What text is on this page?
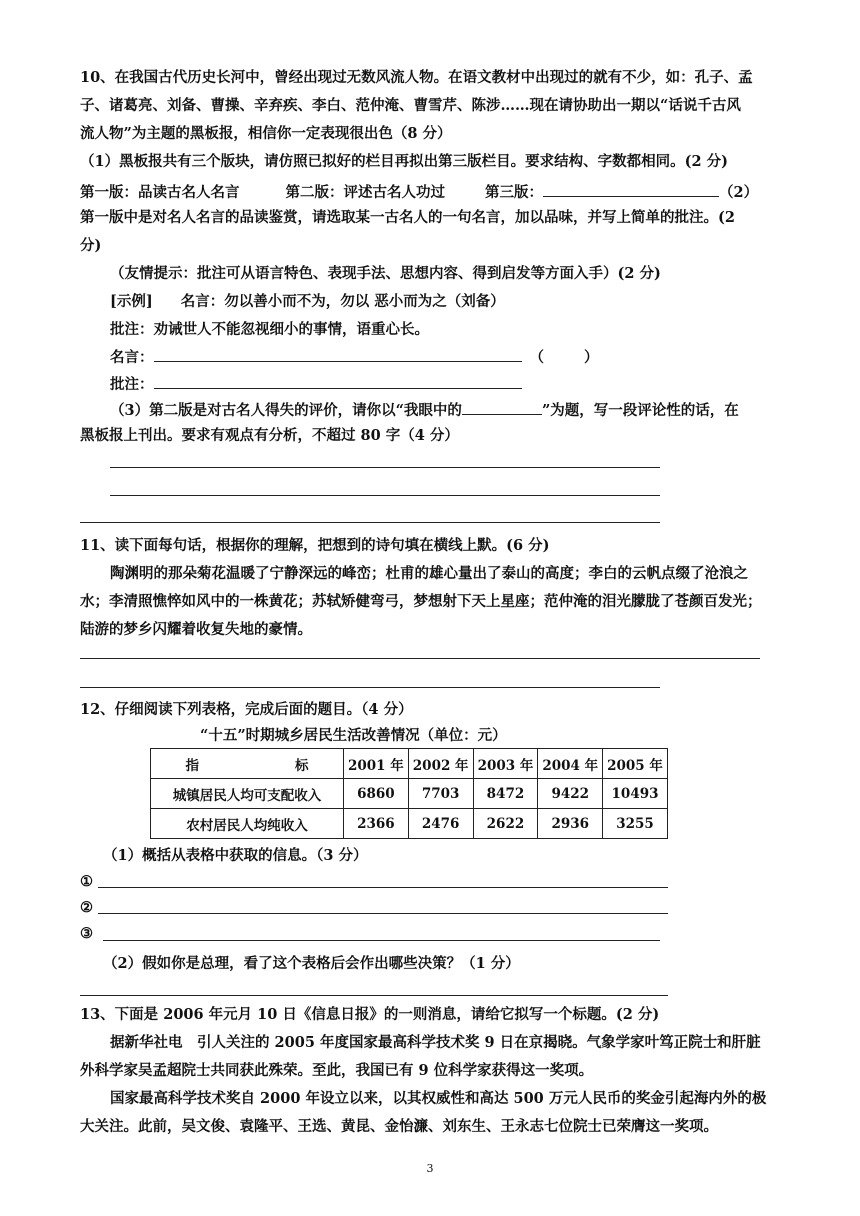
10、在我国古代历史长河中，曾经出现过无数风流人物。在语文教材中出现过的就有不少，如：孔子、孟
子、诸葛亮、刘备、曹操、辛弃疾、李白、范仲淹、曹雪芹、陈涉……现在请协助出一期以“话说千古风
流人物”为主题的黑板报，相信你一定表现很出色（8 分）
（1）黑板报共有三个版块，请仿照已拟好的栏目再拟出第三版栏目。要求结构、字数都相同。(2 分)
第一版：品读古名人名言	第二版：评述古名人功过	第三版：	（2）
第一版中是对名人名言的品读鉴赏，请选取某一古名人的一句名言，加以品味，并写上简单的批注。(2
分)
（友情提示：批注可从语言特色、表现手法、思想内容、得到启发等方面入手）(2 分)
[示例] 名言：勿以善小而不为，勿以 恶小而为之（刘备）
批注：劝诫世人不能忽视细小的事情，语重心长。
名言：	（	）
批注：
（3）第二版是对古名人得失的评价，请你以“我眼中的	”为题，写一段评论性的话，在
黑板报上刊出。要求有观点有分析，不超过 80 字（4 分）
11、读下面每句话，根据你的理解，把想到的诗句填在横线上默。(6 分)
陶渊明的那朵菊花温暖了宁静深远的峰峦；杜甫的雄心量出了泰山的高度；李白的云帆点缀了沧浪之
水；李清照憔悴如风中的一株黄花；苏轼矫健弯弓，梦想射下天上星座；范仲淹的泪光朦胧了苍颜百发光；
陆游的梦乡闪耀着收复失地的豪情。
12、仔细阅读下列表格，完成后面的题目。（4 分）
“十五”时期城乡居民生活改善情况（单位：元）
指 标	2001 年	2002 年	2003 年	2004 年	2005 年
城镇居民人均可支配收入	6860	7703	8472	9422	10493
农村居民人均纯收入	2366	2476	2622	2936	3255
（1）概括从表格中获取的信息。（3 分）
①
②
③
（2）假如你是总理，看了这个表格后会作出哪些决策？（1 分）
13、下面是 2006 年元月 10 日《信息日报》的一则消息，请给它拟写一个标题。(2 分)
据新华社电　引人关注的 2005 年度国家最高科学技术奖 9 日在京揭晓。气象学家叶笃正院士和肝脏
外科学家吴孟超院士共同获此殊荣。至此，我国已有 9 位科学家获得这一奖项。
国家最高科学技术奖自 2000 年设立以来，以其权威性和高达 500 万元人民币的奖金引起海内外的极
大关注。此前，吴文俊、袁隆平、王选、黄昆、金怡濂、刘东生、王永志七位院士已荣膺这一奖项。
3
